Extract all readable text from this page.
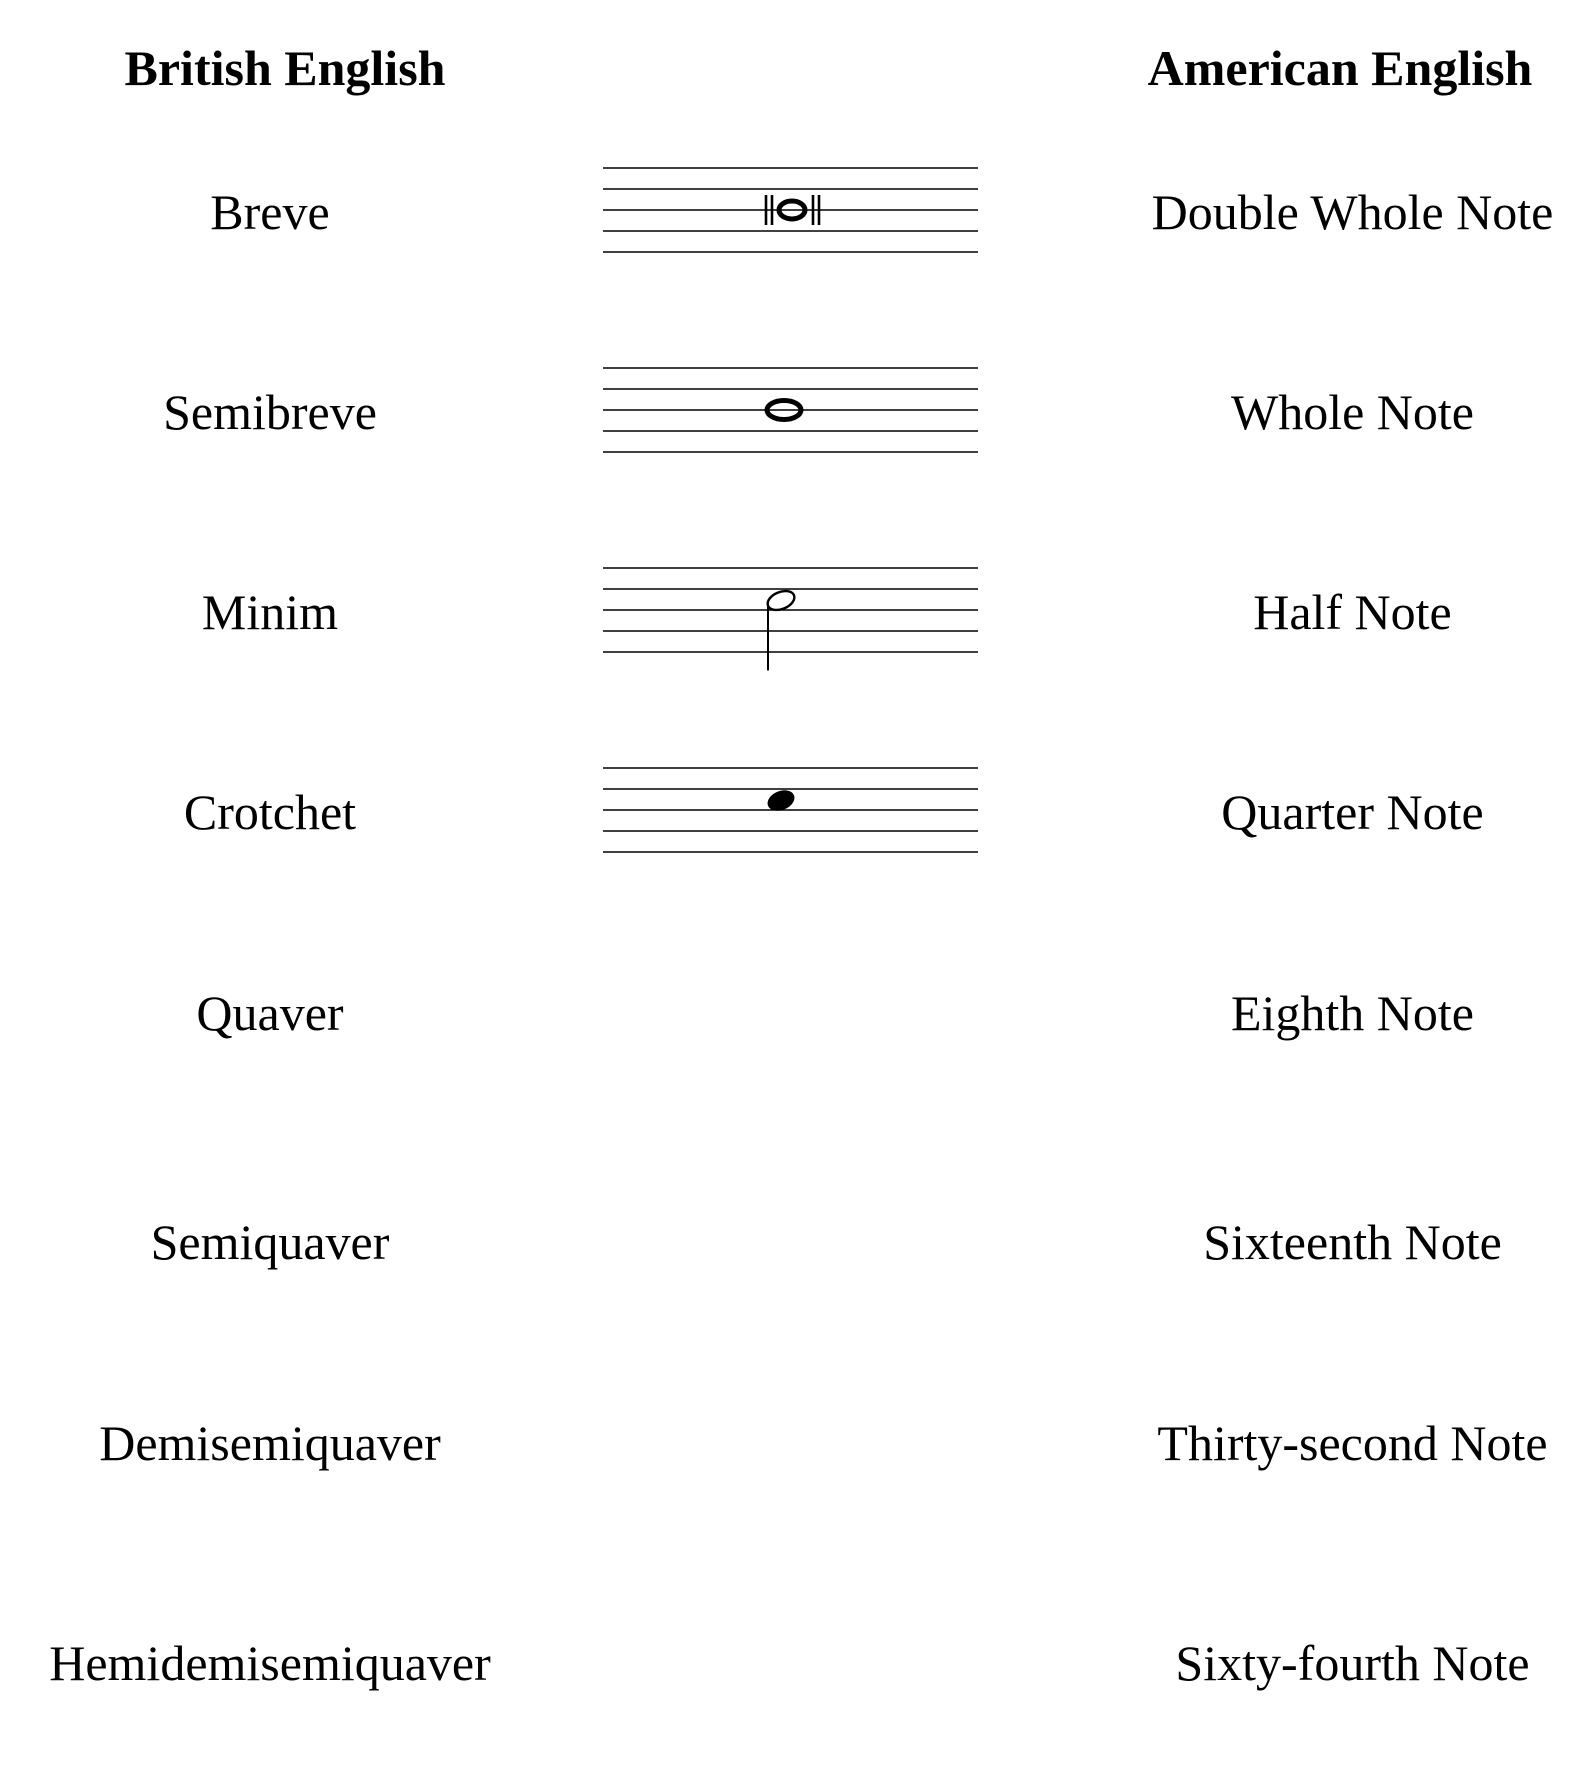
British English	American English
Breve	Double Whole Note
Semibreve	Whole Note
Minim	Half Note
Crotchet	Quarter Note
Quaver	Eighth Note
Semiquaver	Sixteenth Note
Demisemiquaver	Thirty-second Note
Hemidemisemiquaver	Sixty-fourth Note
